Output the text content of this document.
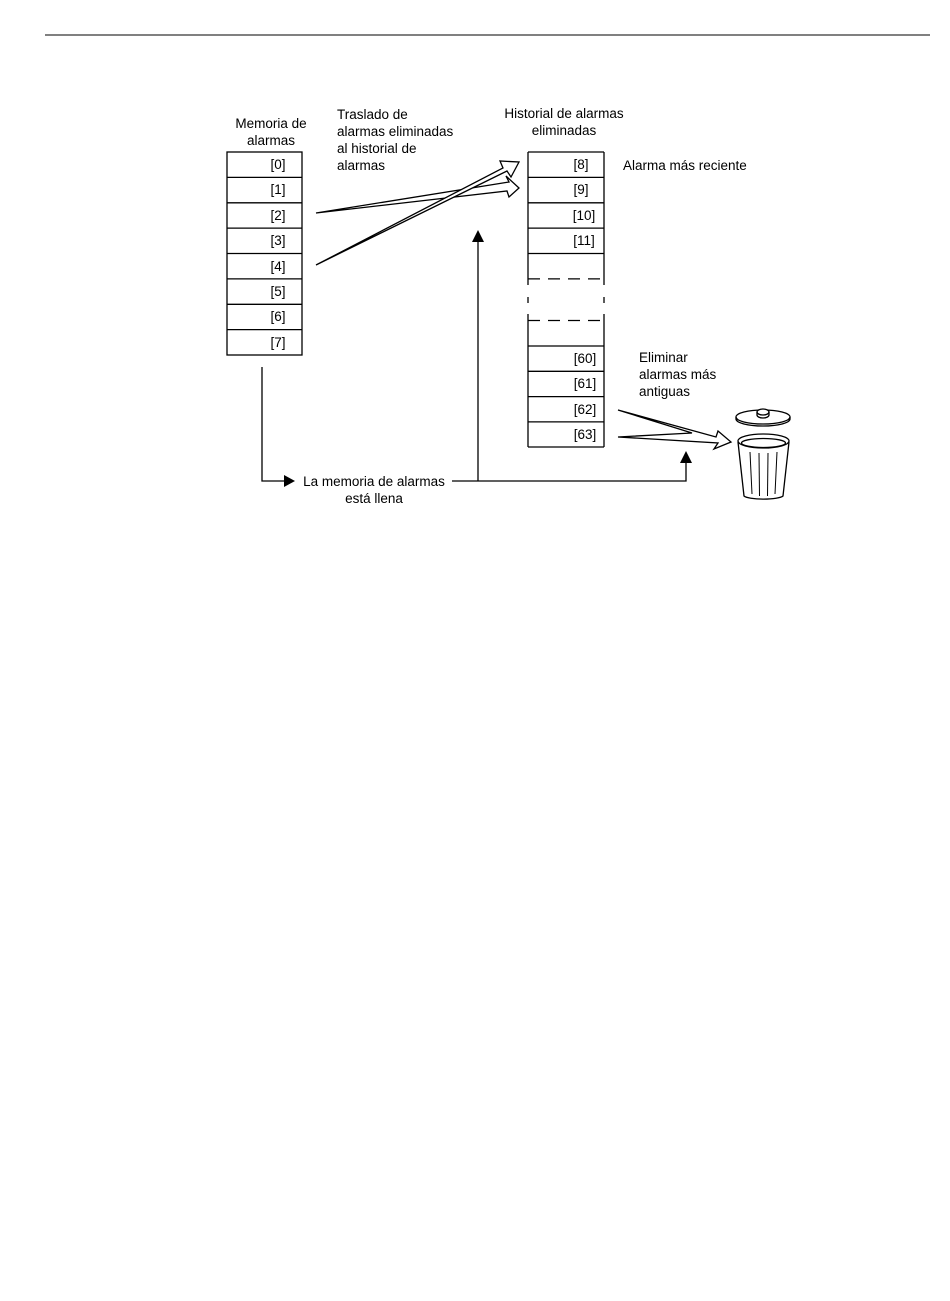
Memoria de
alarmas
[0]
[1]
[2]
[3]
[4]
[5]
[6]
[7]
Traslado de
alarmas eliminadas
al historial de
alarmas
Historial de alarmas
eliminadas
[8]
[9]
[10]
[11]
[60]
[61]
[62]
[63]
Alarma más reciente
Eliminar
alarmas más
antiguas
La memoria de alarmas
está llena
